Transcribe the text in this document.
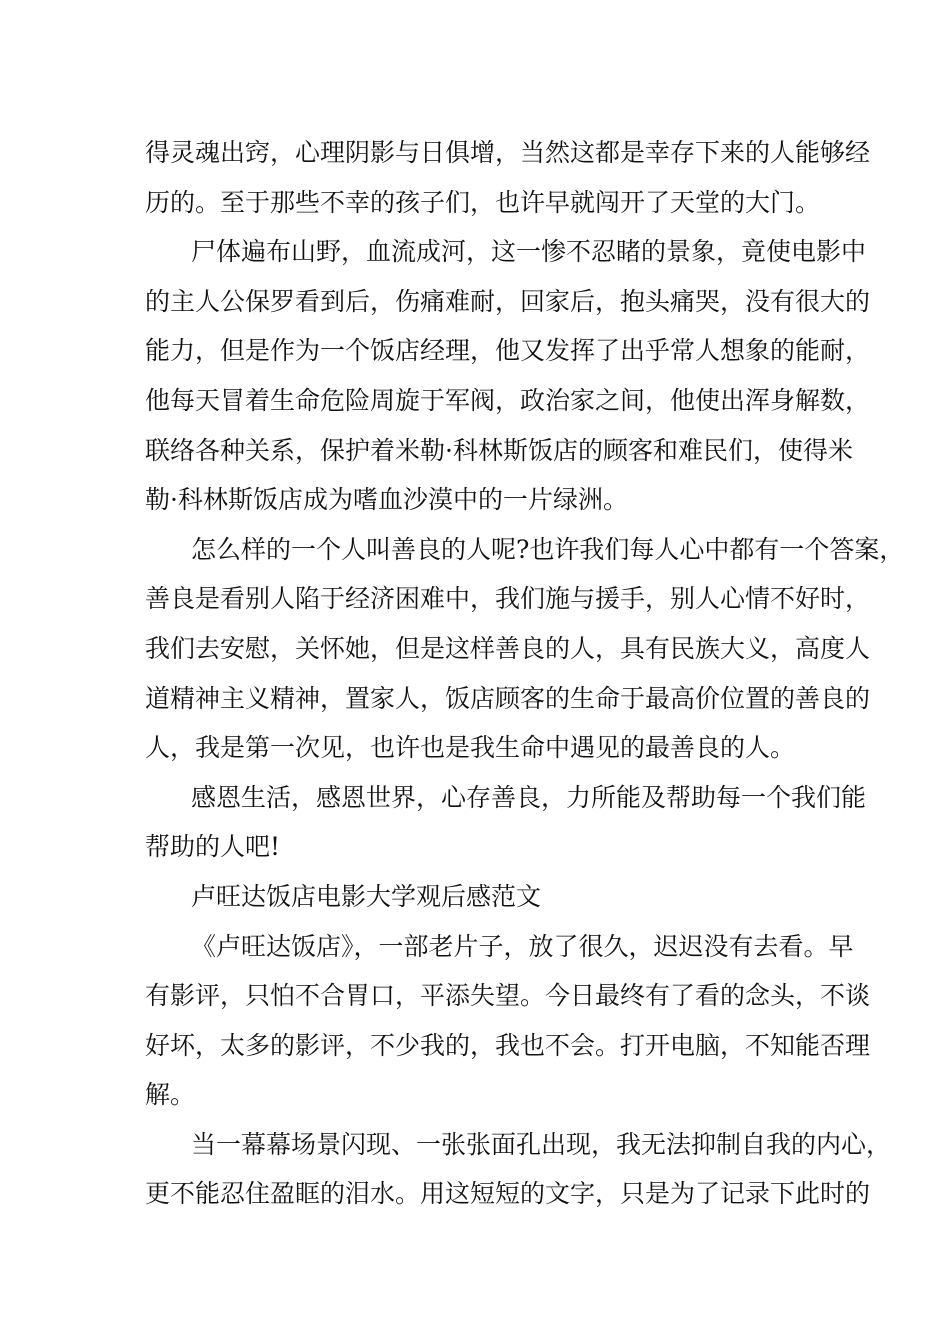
得灵魂出窍，心理阴影与日俱增，当然这都是幸存下来的人能够经
历的。至于那些不幸的孩子们，也许早就闯开了天堂的大门。
尸体遍布山野，血流成河，这一惨不忍睹的景象，竟使电影中
的主人公保罗看到后，伤痛难耐，回家后，抱头痛哭，没有很大的
能力，但是作为一个饭店经理，他又发挥了出乎常人想象的能耐，
他每天冒着生命危险周旋于军阀，政治家之间，他使出浑身解数，
联络各种关系，保护着米勒·科林斯饭店的顾客和难民们，使得米
勒·科林斯饭店成为嗜血沙漠中的一片绿洲。
怎么样的一个人叫善良的人呢?也许我们每人心中都有一个答案，
善良是看别人陷于经济困难中，我们施与援手，别人心情不好时，
我们去安慰，关怀她，但是这样善良的人，具有民族大义，高度人
道精神主义精神，置家人，饭店顾客的生命于最高价位置的善良的
人，我是第一次见，也许也是我生命中遇见的最善良的人。
感恩生活，感恩世界，心存善良，力所能及帮助每一个我们能
帮助的人吧!
卢旺达饭店电影大学观后感范文
《卢旺达饭店》，一部老片子，放了很久，迟迟没有去看。早
有影评，只怕不合胃口，平添失望。今日最终有了看的念头，不谈
好坏，太多的影评，不少我的，我也不会。打开电脑，不知能否理
解。
当一幕幕场景闪现、一张张面孔出现，我无法抑制自我的内心，
更不能忍住盈眶的泪水。用这短短的文字，只是为了记录下此时的
